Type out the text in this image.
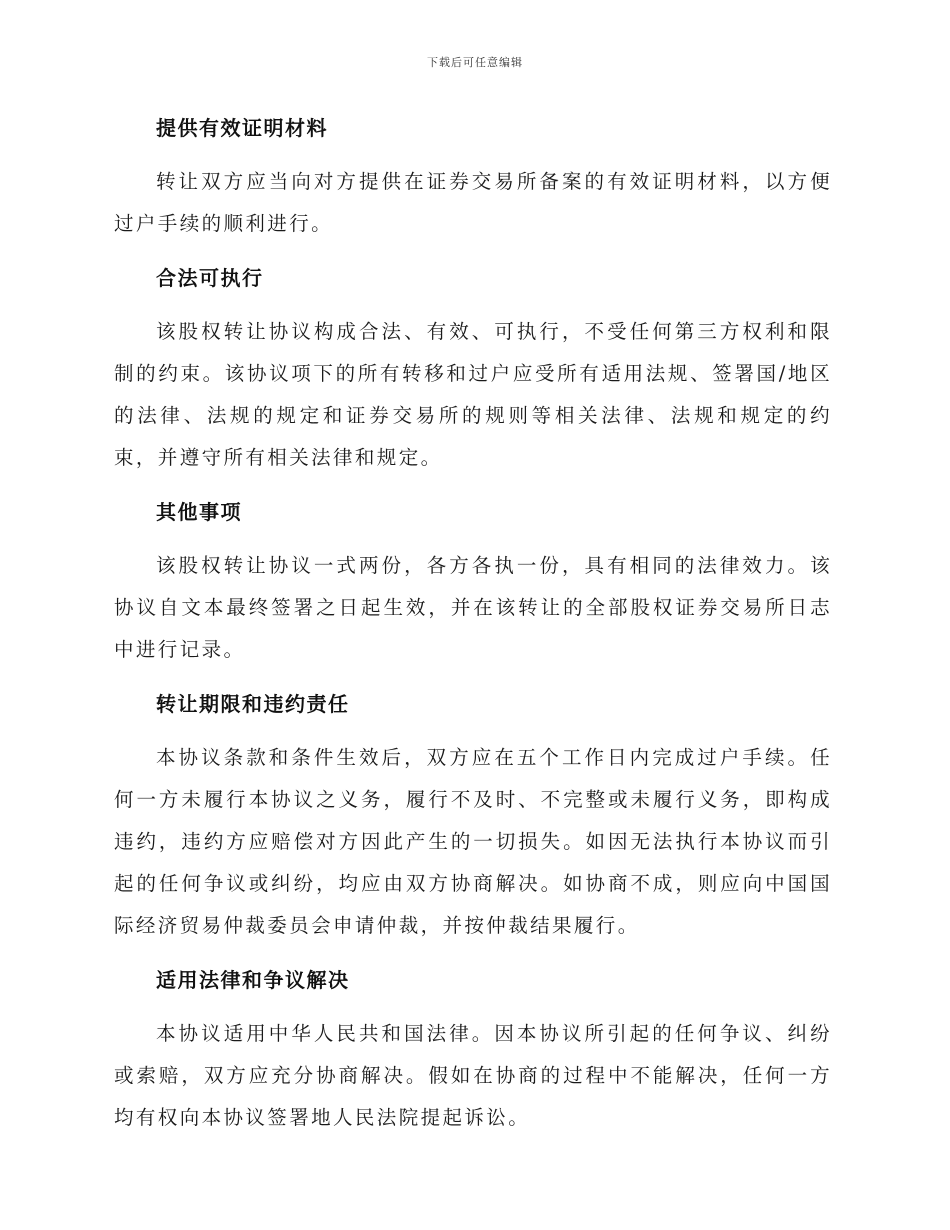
下载后可任意编辑
提供有效证明材料

转让双方应当向对方提供在证券交易所备案的有效证明材料，以方便过户手续的顺利进行。

合法可执行

该股权转让协议构成合法、有效、可执行，不受任何第三方权利和限制的约束。该协议项下的所有转移和过户应受所有适用法规、签署国/地区的法律、法规的规定和证券交易所的规则等相关法律、法规和规定的约束，并遵守所有相关法律和规定。

其他事项

该股权转让协议一式两份，各方各执一份，具有相同的法律效力。该协议自文本最终签署之日起生效，并在该转让的全部股权证券交易所日志中进行记录。

转让期限和违约责任

本协议条款和条件生效后，双方应在五个工作日内完成过户手续。任何一方未履行本协议之义务，履行不及时、不完整或未履行义务，即构成违约，违约方应赔偿对方因此产生的一切损失。如因无法执行本协议而引起的任何争议或纠纷，均应由双方协商解决。如协商不成，则应向中国国际经济贸易仲裁委员会申请仲裁，并按仲裁结果履行。

适用法律和争议解决

本协议适用中华人民共和国法律。因本协议所引起的任何争议、纠纷或索赔，双方应充分协商解决。假如在协商的过程中不能解决，任何一方均有权向本协议签署地人民法院提起诉讼。
